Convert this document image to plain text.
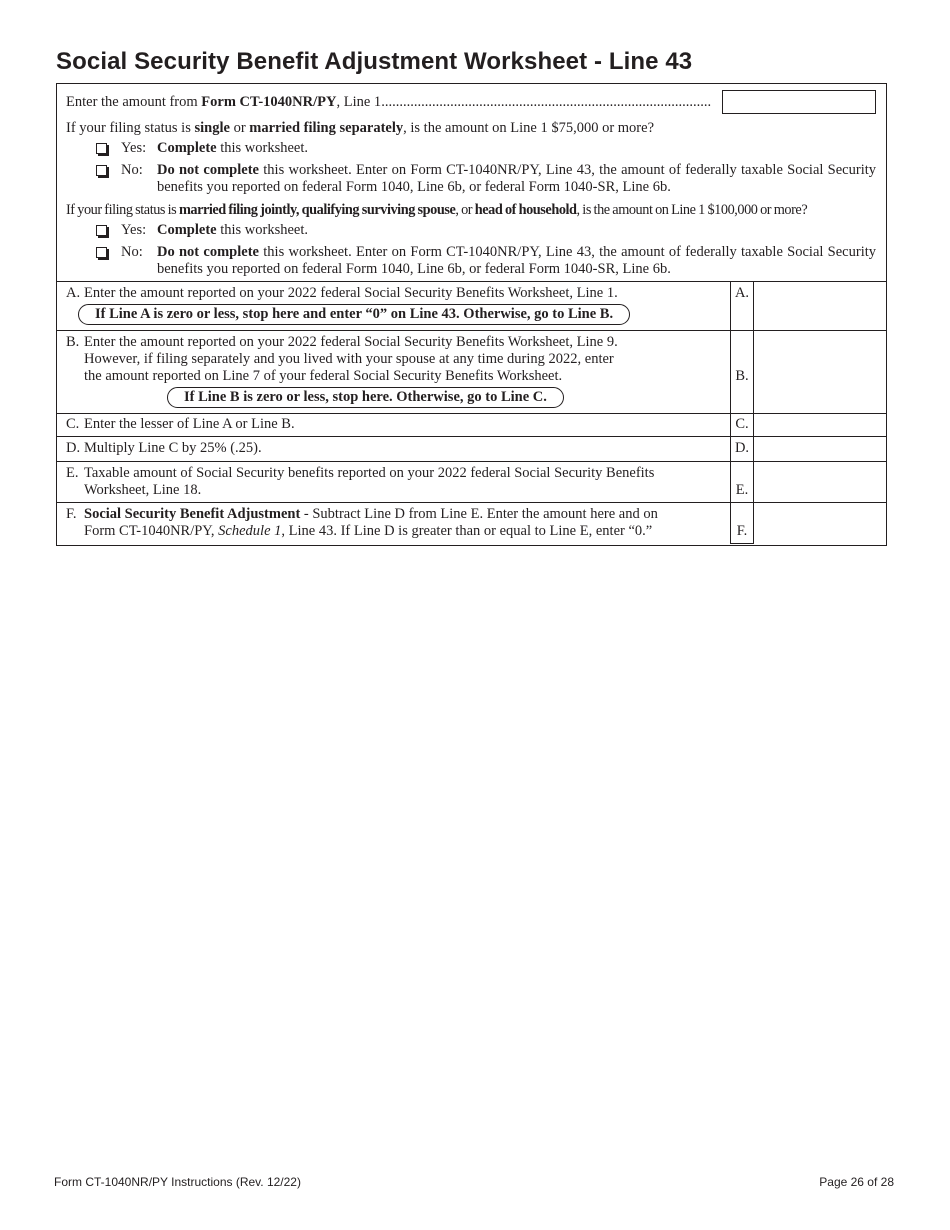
Social Security Benefit Adjustment Worksheet - Line 43
Enter the amount from Form CT-1040NR/PY, Line 1
.....
If your filing status is single or married filing separately, is the amount on Line 1 $75,000 or more?
Yes: Complete this worksheet.
No: Do not complete this worksheet. Enter on Form CT-1040NR/PY, Line 43, the amount of federally taxable Social Security benefits you reported on federal Form 1040, Line 6b, or federal Form 1040-SR, Line 6b.
If your filing status is married filing jointly, qualifying surviving spouse, or head of household, is the amount on Line 1 $100,000 or more?
Yes: Complete this worksheet.
No: Do not complete this worksheet. Enter on Form CT-1040NR/PY, Line 43, the amount of federally taxable Social Security benefits you reported on federal Form 1040, Line 6b, or federal Form 1040-SR, Line 6b.
A. Enter the amount reported on your 2022 federal Social Security Benefits Worksheet, Line 1.
If Line A is zero or less, stop here and enter “0” on Line 43. Otherwise, go to Line B.
A.
B. Enter the amount reported on your 2022 federal Social Security Benefits Worksheet, Line 9.
However, if filing separately and you lived with your spouse at any time during 2022, enter
the amount reported on Line 7 of your federal Social Security Benefits Worksheet.
If Line B is zero or less, stop here. Otherwise, go to Line C.
B.
C. Enter the lesser of Line A or Line B.	C.
D. Multiply Line C by 25% (.25).	D.
E. Taxable amount of Social Security benefits reported on your 2022 federal Social Security Benefits
Worksheet, Line 18.	E.
F. Social Security Benefit Adjustment - Subtract Line D from Line E. Enter the amount here and on
Form CT-1040NR/PY, Schedule 1, Line 43. If Line D is greater than or equal to Line E, enter “0.”	F.
Form CT-1040NR/PY Instructions (Rev. 12/22)	Page 26 of 28
